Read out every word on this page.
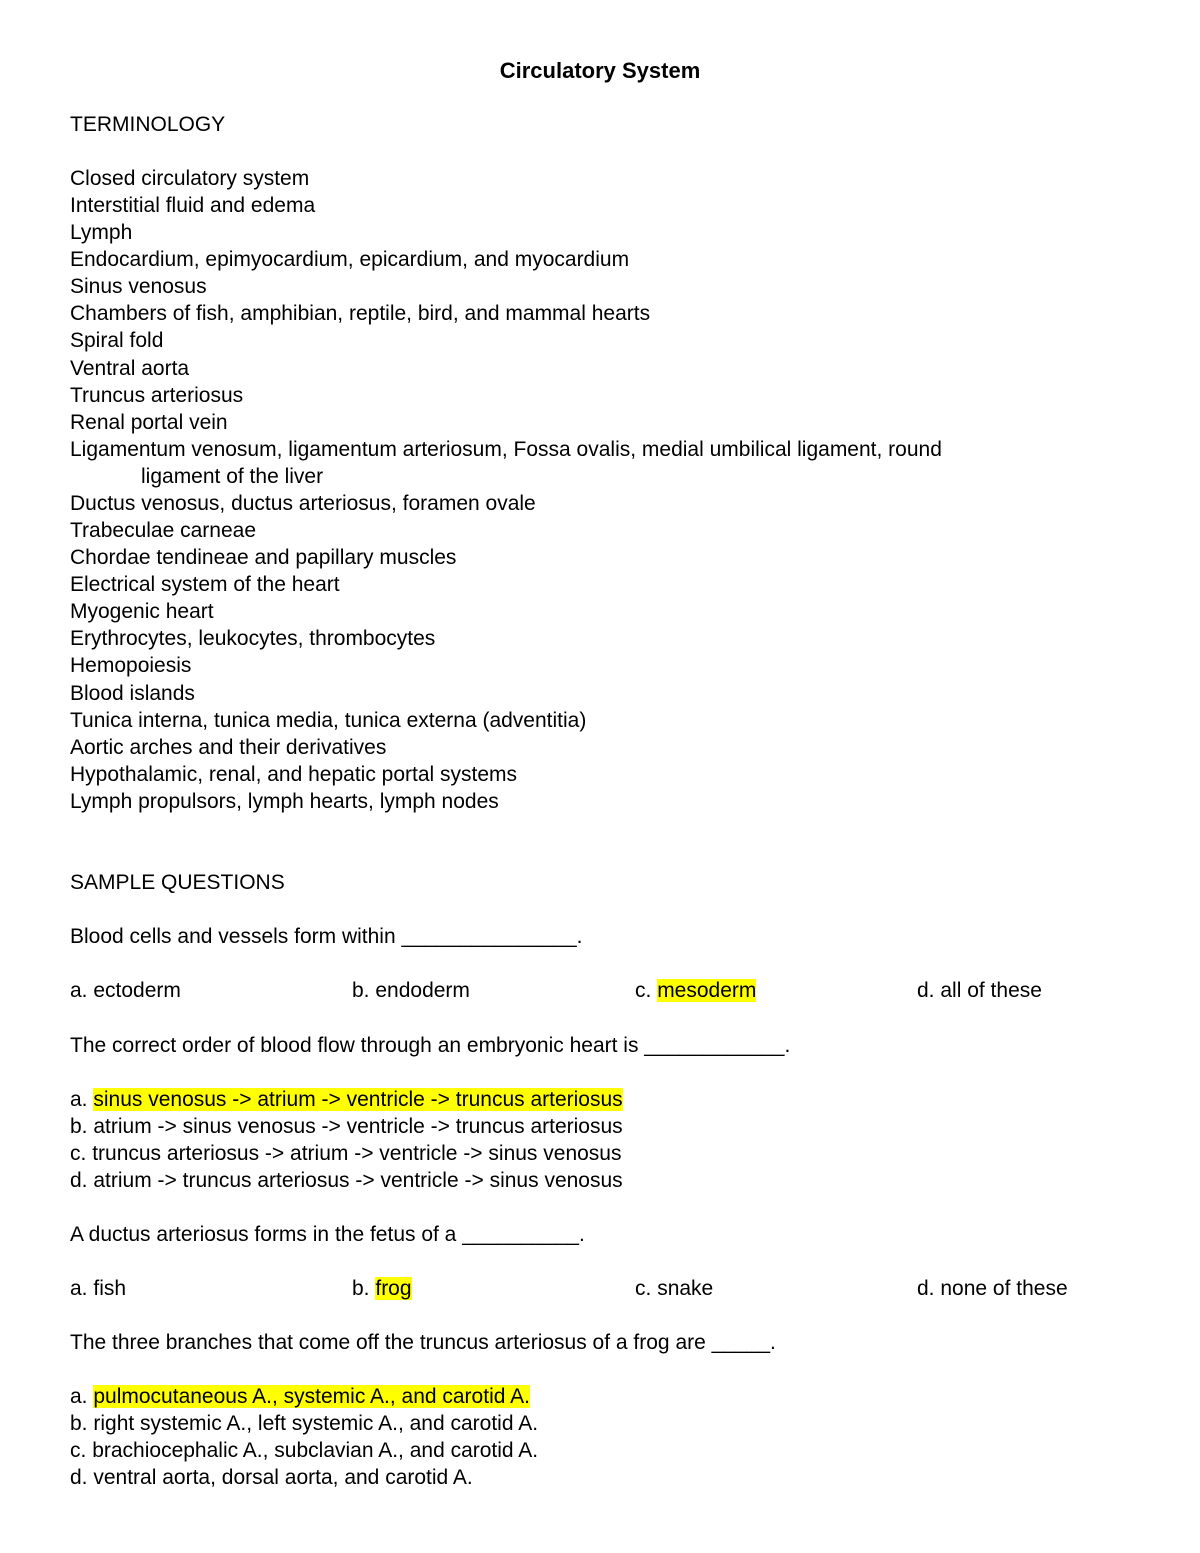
Circulatory System
TERMINOLOGY
Closed circulatory system
Interstitial fluid and edema
Lymph
Endocardium, epimyocardium, epicardium, and myocardium
Sinus venosus
Chambers of fish, amphibian, reptile, bird, and mammal hearts
Spiral fold
Ventral aorta
Truncus arteriosus
Renal portal vein
Ligamentum venosum, ligamentum arteriosum, Fossa ovalis, medial umbilical ligament, round
ligament of the liver
Ductus venosus, ductus arteriosus, foramen ovale
Trabeculae carneae
Chordae tendineae and papillary muscles
Electrical system of the heart
Myogenic heart
Erythrocytes, leukocytes, thrombocytes
Hemopoiesis
Blood islands
Tunica interna, tunica media, tunica externa (adventitia)
Aortic arches and their derivatives
Hypothalamic, renal, and hepatic portal systems
Lymph propulsors, lymph hearts, lymph nodes
SAMPLE QUESTIONS
Blood cells and vessels form within _______________.
a. ectoderm	b. endoderm	c. mesoderm	d. all of these
The correct order of blood flow through an embryonic heart is ____________.
a. sinus venosus -> atrium -> ventricle -> truncus arteriosus
b. atrium -> sinus venosus -> ventricle -> truncus arteriosus
c. truncus arteriosus -> atrium -> ventricle -> sinus venosus
d. atrium -> truncus arteriosus -> ventricle -> sinus venosus
A ductus arteriosus forms in the fetus of a __________.
a. fish	b. frog	c. snake	d. none of these
The three branches that come off the truncus arteriosus of a frog are _____.
a. pulmocutaneous A., systemic A., and carotid A.
b. right systemic A., left systemic A., and carotid A.
c. brachiocephalic A., subclavian A., and carotid A.
d. ventral aorta, dorsal aorta, and carotid A.
